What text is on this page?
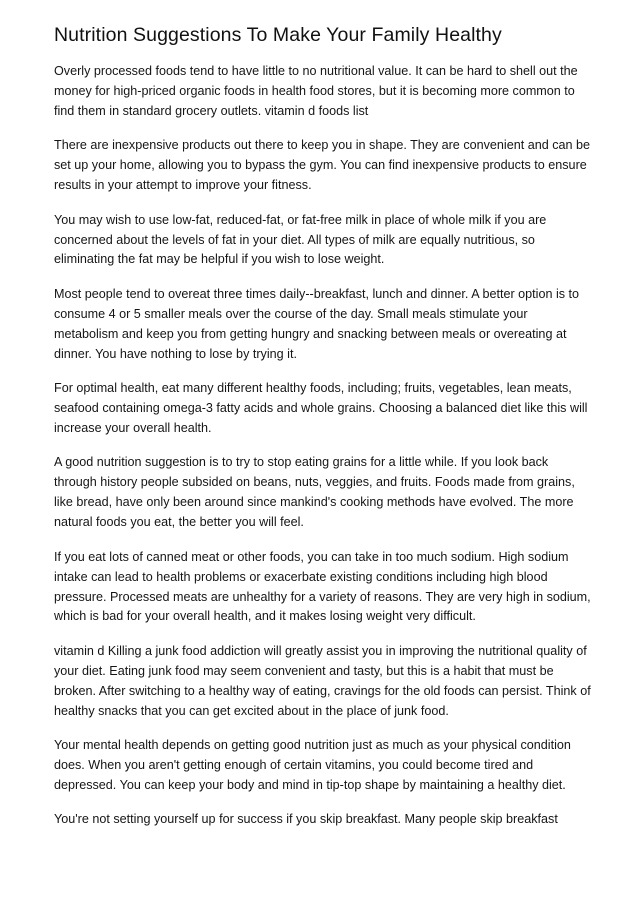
Nutrition Suggestions To Make Your Family Healthy

Overly processed foods tend to have little to no nutritional value. It can be hard to shell out the money for high-priced organic foods in health food stores, but it is becoming more common to find them in standard grocery outlets. vitamin d foods list

There are inexpensive products out there to keep you in shape. They are convenient and can be set up your home, allowing you to bypass the gym. You can find inexpensive products to ensure results in your attempt to improve your fitness.

You may wish to use low-fat, reduced-fat, or fat-free milk in place of whole milk if you are concerned about the levels of fat in your diet. All types of milk are equally nutritious, so eliminating the fat may be helpful if you wish to lose weight.

Most people tend to overeat three times daily--breakfast, lunch and dinner. A better option is to consume 4 or 5 smaller meals over the course of the day. Small meals stimulate your metabolism and keep you from getting hungry and snacking between meals or overeating at dinner. You have nothing to lose by trying it.

For optimal health, eat many different healthy foods, including; fruits, vegetables, lean meats, seafood containing omega-3 fatty acids and whole grains. Choosing a balanced diet like this will increase your overall health.

A good nutrition suggestion is to try to stop eating grains for a little while. If you look back through history people subsided on beans, nuts, veggies, and fruits. Foods made from grains, like bread, have only been around since mankind's cooking methods have evolved. The more natural foods you eat, the better you will feel.

If you eat lots of canned meat or other foods, you can take in too much sodium. High sodium intake can lead to health problems or exacerbate existing conditions including high blood pressure. Processed meats are unhealthy for a variety of reasons. They are very high in sodium, which is bad for your overall health, and it makes losing weight very difficult.

vitamin d Killing a junk food addiction will greatly assist you in improving the nutritional quality of your diet. Eating junk food may seem convenient and tasty, but this is a habit that must be broken. After switching to a healthy way of eating, cravings for the old foods can persist. Think of healthy snacks that you can get excited about in the place of junk food.

Your mental health depends on getting good nutrition just as much as your physical condition does. When you aren't getting enough of certain vitamins, you could become tired and depressed. You can keep your body and mind in tip-top shape by maintaining a healthy diet.

You're not setting yourself up for success if you skip breakfast. Many people skip breakfast
